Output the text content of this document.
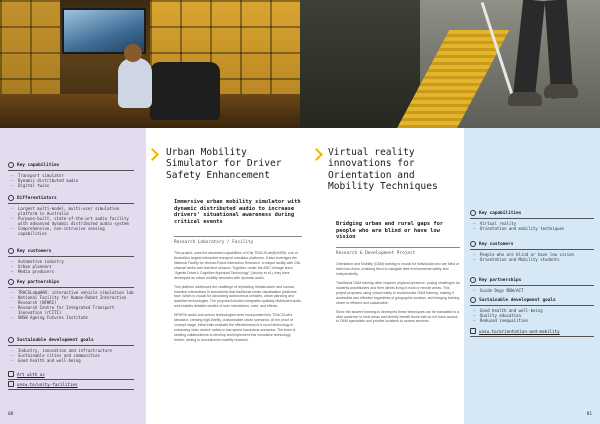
Key capabilities
– Transport simulator
– Dynamic distributed audio
– Digital twins
Differentiators
– Largest multi-model, multi-user simulation platform in Australia
– Purpose-built, state-of-the-art audio facility with advanced dynamic distributed audio system
– Comprehensive, non-intrusive sensing capabilities
Key customers
– Automotive industry
– Urban planners
– Media producers
Key partnerships
– TRACSLab@HAR: interactive vehicle simulation lab
– National Facility for Human-Robot Interaction Research (NFHRI)
– Research Centre for Integrated Transport Innovation (rCITI)
– UNSW Ageing Futures Institute
Sustainable development goals
– Industry, innovation and infrastructure
– Sustainable cities and communities
– Good health and well-being
Art with us
unsw.to/unity-facilities
08
Urban Mobility Simulator for Driver Safety Enhancement
Immersive urban mobility simulator with dynamic distributed audio to increase drivers' situational awareness during critical events
Research Laboratory / Facility

This project, uses the advanced capabilities of iCity TRACSLab@UNSW, one of Australia's largest interactive transport simulator platforms. It also leverages the National Facility for Human-Robot Interaction Research, a unique facility with 136-channel audio and real-time sensors. Together, under the ARC Linkage team "Agents Driver's Cognitive Appraisal Technology" (Jacoby et al.), they have developed an urban mobility simulator with dynamic audio.

This platform addresses the challenge of replicating infrastructure and human-machine interactions in simulations that traditional urban visualisation platforms face, which is crucial for advancing autonomous vehicles, urban planning and assistive technologies. The proposed solution integrates spatially distributed audio and enables detailed studies of user interactions, cues, and effects.

NFHRI's audio and sensor technologies were incorporated into TRACSLab's simulator, creating high-fidelity, customisable urban scenarios. At the proof of concept stage, initial trials evaluate the effectiveness of a novel technology in enhancing older drivers' safety in low-speed hazardous scenarios. The team is seeking collaborations to develop and implement this innovative technology further, aiming to revolutionise mobility research.

Virtual reality innovations for Orientation and Mobility Techniques
Bridging urban and rural gaps for people who are blind or have low vision
Research & Development Project

Orientation and Mobility (O&M) training is crucial for individuals who are blind or have low vision, enabling them to navigate their environments safely and independently.

Traditional O&M training often requires physical presence, posing challenges for students practitioners and their clients living in rural or remote areas. This project proposes using virtual reality to revolutionise O&M training, making it accessible and effective regardless of geographic location, and bringing training closer to efficient and sustainable.

Since the student learning is developed these techniques can be translated to a wide audience in rural areas and directly benefit those that do not have access to O&M specialists and provide locations to access services.

Key capabilities
– Virtual reality
– Orientation and mobility techniques
Key customers
– People who are blind or have low vision
– Orientation and Mobility students
Key partnerships
– Guide Dogs NSW/ACT
Sustainable development goals
– Good health and well-being
– Quality education
– Reduced inequalities
unsw.to/orientation-and-mobility
81
